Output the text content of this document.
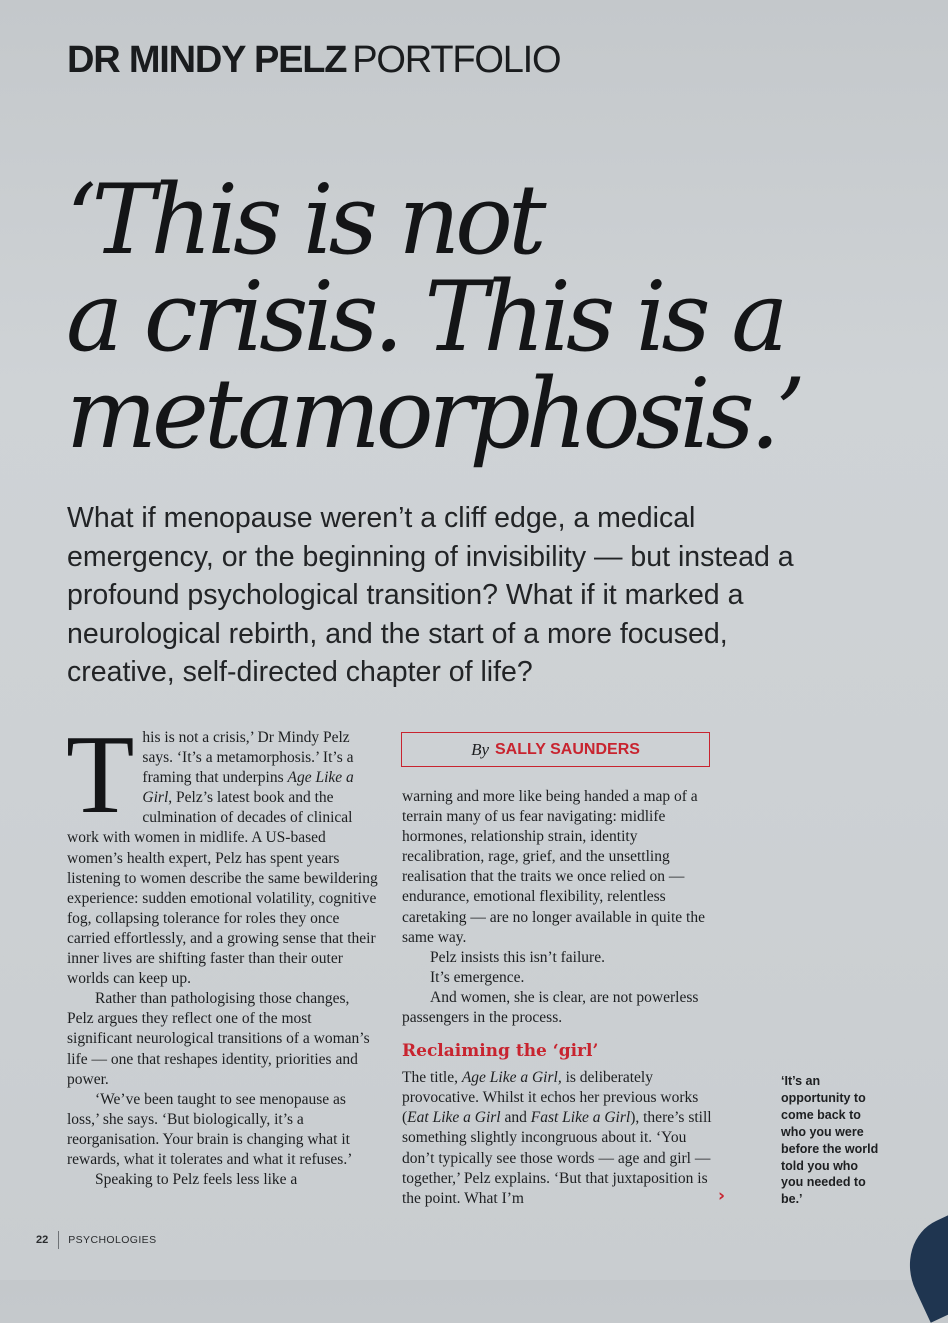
DR MINDY PELZ PORTFOLIO
‘This is not
a crisis. This is a
metamorphosis.’

What if menopause weren’t a cliff edge, a medical emergency, or the beginning of invisibility — but instead a profound psychological transition? What if it marked a neurological rebirth, and the start of a more focused, creative, self-directed chapter of life?

This is not a crisis,’ Dr Mindy Pelz says. ‘It’s a metamorphosis.’ It’s a framing that underpins Age Like a Girl, Pelz’s latest book and the culmination of decades of clinical work with women in midlife. A US-based women’s health expert, Pelz has spent years listening to women describe the same bewildering experience: sudden emotional volatility, cognitive fog, collapsing tolerance for roles they once carried effortlessly, and a growing sense that their inner lives are shifting faster than their outer worlds can keep up.

Rather than pathologising those changes, Pelz argues they reflect one of the most significant neurological transitions of a woman’s life — one that reshapes identity, priorities and power.

‘We’ve been taught to see menopause as loss,’ she says. ‘But biologically, it’s a reorganisation. Your brain is changing what it rewards, what it tolerates and what it refuses.’

Speaking to Pelz feels less like a

By SALLY SAUNDERS

warning and more like being handed a map of a terrain many of us fear navigating: midlife hormones, relationship strain, identity recalibration, rage, grief, and the unsettling realisation that the traits we once relied on — endurance, emotional flexibility, relentless caretaking — are no longer available in quite the same way.

Pelz insists this isn’t failure.

It’s emergence.

And women, she is clear, are not powerless passengers in the process.

Reclaiming the ‘girl’

The title, Age Like a Girl, is deliberately provocative. Whilst it echos her previous works (Eat Like a Girl and Fast Like a Girl), there’s still something slightly incongruous about it. ‘You don’t typically see those words — age and girl — together,’ Pelz explains. ‘But that juxtaposition is the point. What I’m	›
‘It’s an opportunity to come back to who you were before the world told you who you needed to be.’
22 PSYCHOLOGIES
